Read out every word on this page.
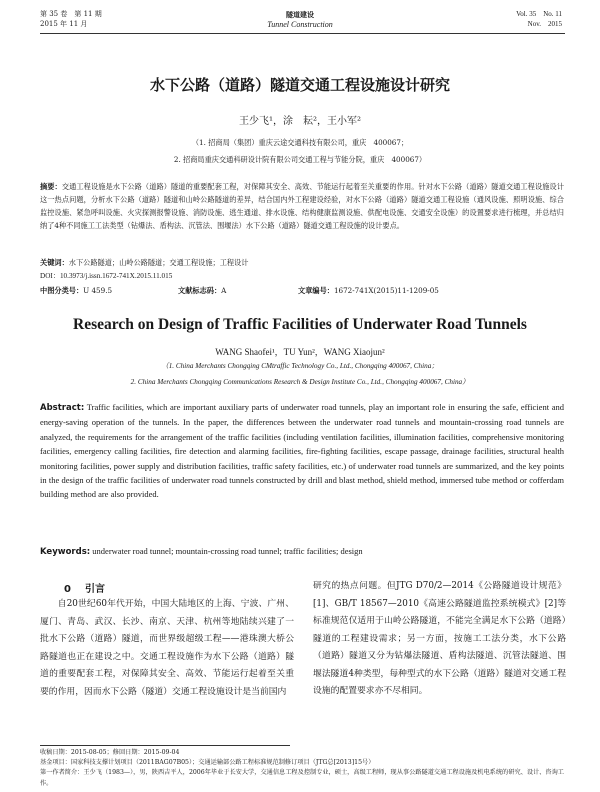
第 35 卷　第 11 期
2015 年 11 月
隧道建设
Tunnel Construction
Vol. 35　No. 11
Nov.　2015
水下公路（道路）隧道交通工程设施设计研究
王少飞¹，涂　耘²，王小军²
（1. 招商局（集团）重庆云途交通科技有限公司，重庆　400067；
2. 招商局重庆交通科研设计院有限公司交通工程与节能分院，重庆　400067）
摘要：交通工程设施是水下公路（道路）隧道的重要配套工程，对保障其安全、高效、节能运行起着至关重要的作用。针对水下公路（道路）隧道交通工程设施设计这一热点问题，分析水下公路（道路）隧道和山岭公路隧道的差异，结合国内外工程建设经验，对水下公路（道路）隧道交通工程设施（通风设施、照明设施、综合监控设施、紧急呼叫设施、火灾探测报警设施、消防设施、逃生通道、排水设施、结构健康监测设施、供配电设施、交通安全设施）的设置要求进行梳理，并总结归纳了4种不同施工工法类型（钻爆法、盾构法、沉管法、围堰法）水下公路（道路）隧道交通工程设施的设计要点。
关键词：水下公路隧道；山岭公路隧道；交通工程设施；工程设计
DOI：10.3973/j.issn.1672-741X.2015.11.015
中图分类号：U 459.5	文献标志码：A	文章编号：1672-741X(2015)11-1209-05
Research on Design of Traffic Facilities of Underwater Road Tunnels
WANG Shaofei¹，TU Yun²，WANG Xiaojun²
（1. China Merchants Chongqing CMtraffic Technology Co., Ltd., Chongqing 400067, China；
2. China Merchants Chongqing Communications Research & Design Institute Co., Ltd., Chongqing 400067, China）
Abstract: Traffic facilities, which are important auxiliary parts of underwater road tunnels, play an important role in ensuring the safe, efficient and energy-saving operation of the tunnels. In the paper, the differences between the underwater road tunnels and mountain-crossing road tunnels are analyzed, the requirements for the arrangement of the traffic facilities (including ventilation facilities, illumination facilities, comprehensive monitoring facilities, emergency calling facilities, fire detection and alarming facilities, fire-fighting facilities, escape passage, drainage facilities, structural health monitoring facilities, power supply and distribution facilities, traffic safety facilities, etc.) of underwater road tunnels are summarized, and the key points in the design of the traffic facilities of underwater road tunnels constructed by drill and blast method, shield method, immersed tube method or cofferdam building method are also provided.
Keywords: underwater road tunnel; mountain-crossing road tunnel; traffic facilities; design
0 引言
　　自20世纪60年代开始，中国大陆地区的上海、宁波、广州、厦门、青岛、武汉、长沙、南京、天津、杭州等地陆续兴建了一批水下公路（道路）隧道，而世界级超级工程——港珠澳大桥公路隧道也正在建设之中。交通工程设施作为水下公路（道路）隧道的重要配套工程，对保障其安全、高效、节能运行起着至关重要的作用，因而水下公路（隧道）交通工程设施设计是当前国内
研究的热点问题。但JTG D70/2—2014《公路隧道设计规范》[1]、GB/T 18567—2010《高速公路隧道监控系统模式》[2]等标准规范仅适用于山岭公路隧道，不能完全满足水下公路（道路）隧道的工程建设需求；另一方面，按施工工法分类，水下公路（道路）隧道又分为钻爆法隧道、盾构法隧道、沉管法隧道、围堰法隧道4种类型，每种型式的水下公路（道路）隧道对交通工程设施的配置要求亦不尽相同。
收稿日期：2015-08-05；修回日期：2015-09-04
基金项目：国家科技支撑计划项目（2011BAG07B05）；交通运输部公路工程标准规范制修订项目（JTG总[2013]15号）
第一作者简介：王少飞（1983—），男，陕西吉平人，2006年毕业于长安大学，交通信息工程及控制专业，硕士，高级工程师，现从事公路隧道交通工程设施及机电系统的研究、设计、咨询工作。
